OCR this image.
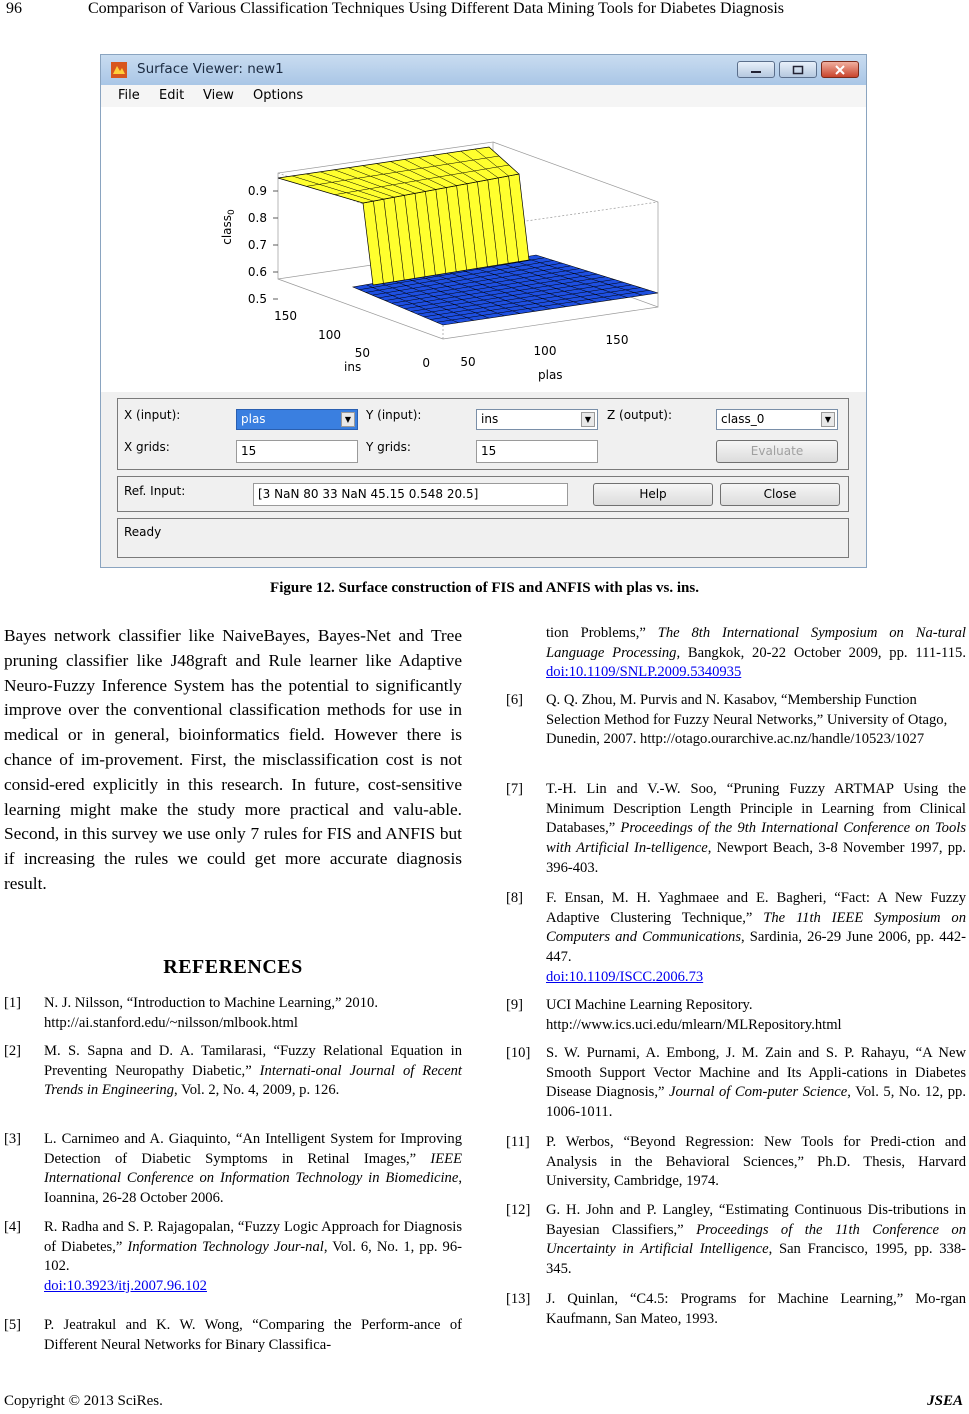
96	Comparison of Various Classification Techniques Using Different Data Mining Tools for Diabetes Diagnosis
Surface Viewer: new1
File Edit View Options
class$_0$
0.9
0.8
0.7
0.6
0.5
150
100
50
0	50
100
150
ins
plas
X (input):	plas	▼	Y (input):	ins	▼	Z (output):	class_0	▼
X grids:	15	Y grids:	15	Evaluate
Ref. Input:	[3 NaN 80 33 NaN 45.15 0.548 20.5]	Help	Close
Ready
Figure 12. Surface construction of FIS and ANFIS with plas vs. ins.
Bayes network classifier like NaiveBayes, Bayes-Net and Tree pruning classifier like J48graft and Rule learner like Adaptive Neuro-Fuzzy Inference System has the potential to significantly improve over the conventional classification methods for use in medical or in general, bioinformatics field. However there is chance of im-provement. First, the misclassification cost is not consid-ered explicitly in this research. In future, cost-sensitive learning might make the study more practical and valu-able. Second, in this survey we use only 7 rules for FIS and ANFIS but if increasing the rules we could get more accurate diagnosis result.
REFERENCES
[1] N. J. Nilsson, “Introduction to Machine Learning,” 2010. http://ai.stanford.edu/~nilsson/mlbook.html
[2] M. S. Sapna and D. A. Tamilarasi, “Fuzzy Relational Equation in Preventing Neuropathy Diabetic,” Internati-onal Journal of Recent Trends in Engineering, Vol. 2, No. 4, 2009, p. 126.
[3] L. Carnimeo and A. Giaquinto, “An Intelligent System for Improving Detection of Diabetic Symptoms in Retinal Images,” IEEE International Conference on Information Technology in Biomedicine, Ioannina, 26-28 October 2006.
[4] R. Radha and S. P. Rajagopalan, “Fuzzy Logic Approach for Diagnosis of Diabetes,” Information Technology Jour-nal, Vol. 6, No. 1, pp. 96-102.
doi:10.3923/itj.2007.96.102
[5] P. Jeatrakul and K. W. Wong, “Comparing the Perform-ance of Different Neural Networks for Binary Classifica-
tion Problems,” The 8th International Symposium on Na-tural Language Processing, Bangkok, 20-22 October 2009, pp. 111-115. doi:10.1109/SNLP.2009.5340935
[6] Q. Q. Zhou, M. Purvis and N. Kasabov, “Membership Function Selection Method for Fuzzy Neural Networks,” University of Otago, Dunedin, 2007. http://otago.ourarchive.ac.nz/handle/10523/1027
[7] T.-H. Lin and V.-W. Soo, “Pruning Fuzzy ARTMAP Using the Minimum Description Length Principle in Learning from Clinical Databases,” Proceedings of the 9th International Conference on Tools with Artificial In-telligence, Newport Beach, 3-8 November 1997, pp. 396-403.
[8] F. Ensan, M. H. Yaghmaee and E. Bagheri, “Fact: A New Fuzzy Adaptive Clustering Technique,” The 11th IEEE Symposium on Computers and Communications, Sardinia, 26-29 June 2006, pp. 442-447.
doi:10.1109/ISCC.2006.73
[9] UCI Machine Learning Repository. http://www.ics.uci.edu/mlearn/MLRepository.html
[10] S. W. Purnami, A. Embong, J. M. Zain and S. P. Rahayu, “A New Smooth Support Vector Machine and Its Appli-cations in Diabetes Disease Diagnosis,” Journal of Com-puter Science, Vol. 5, No. 12, pp. 1006-1011.
[11] P. Werbos, “Beyond Regression: New Tools for Predi-ction and Analysis in the Behavioral Sciences,” Ph.D. Thesis, Harvard University, Cambridge, 1974.
[12] G. H. John and P. Langley, “Estimating Continuous Dis-tributions in Bayesian Classifiers,” Proceedings of the 11th Conference on Uncertainty in Artificial Intelligence, San Francisco, 1995, pp. 338-345.
[13] J. Quinlan, “C4.5: Programs for Machine Learning,” Mo-rgan Kaufmann, San Mateo, 1993.
Copyright © 2013 SciRes.	JSEA
